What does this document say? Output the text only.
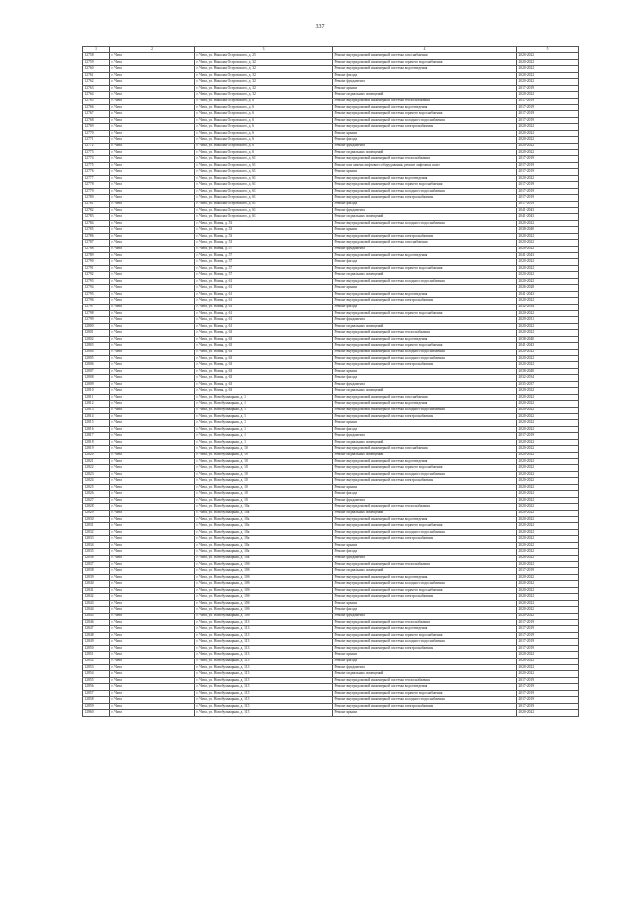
337
1	2	3	4	5
12758	г. Чита	г. Чита, ул. Николая Островского, д. 25	Ремонт внутридомовой инженерной системы газоснабжения	2020-2022
12759	г. Чита	г. Чита, ул. Николая Островского, д. 32	Ремонт внутридомовой инженерной системы горячего водоснабжения	2020-2022
12760	г. Чита	г. Чита, ул. Николая Островского, д. 32	Ремонт внутридомовой инженерной системы водоотведения	2020-2022
12761	г. Чита	г. Чита, ул. Николая Островского, д. 32	Ремонт фасада	2020-2022
12762	г. Чита	г. Чита, ул. Николая Островского, д. 32	Ремонт фундамента	2020-2022
12763	г. Чита	г. Чита, ул. Николая Островского, д. 32	Ремонт крыши	2017-2019
12764	г. Чита	г. Чита, ул. Николая Островского, д. 32	Ремонт подвальных помещений	2020-2022
12765	г. Чита	г. Чита, ул. Николая Островского, д. 6	Ремонт внутридомовой инженерной системы теплоснабжения	2017-2019
12766	г. Чита	г. Чита, ул. Николая Островского, д. 6	Ремонт внутридомовой инженерной системы водоотведения	2017-2019
12767	г. Чита	г. Чита, ул. Николая Островского, д. 6	Ремонт внутридомовой инженерной системы горячего водоснабжения	2017-2019
12768	г. Чита	г. Чита, ул. Николая Островского, д. 6	Ремонт внутридомовой инженерной системы холодного водоснабжения	2017-2019
12769	г. Чита	г. Чита, ул. Николая Островского, д. 6	Ремонт внутридомовой инженерной системы электроснабжения	2020-2022
12770	г. Чита	г. Чита, ул. Николая Островского, д. 6	Ремонт крыши	2020-2022
12771	г. Чита	г. Чита, ул. Николая Островского, д. 6	Ремонт фасада	2020-2022
12772	г. Чита	г. Чита, ул. Николая Островского, д. 6	Ремонт фундамента	2020-2022
12773	г. Чита	г. Чита, ул. Николая Островского, д. 6	Ремонт подвальных помещений	2020-2022
12774	г. Чита	г. Чита, ул. Николая Островского, д. 61	Ремонт внутридомовой инженерной системы теплоснабжения	2017-2019
12775	г. Чита	г. Чита, ул. Николая Островского, д. 61	Ремонт или замена лифтового оборудования, ремонт лифтовых шахт	2017-2019
12776	г. Чита	г. Чита, ул. Николая Островского, д. 61	Ремонт крыши	2017-2019
12777	г. Чита	г. Чита, ул. Николая Островского, д. 61	Ремонт внутридомовой инженерной системы водоотведения	2020-2022
12778	г. Чита	г. Чита, ул. Николая Островского, д. 61	Ремонт внутридомовой инженерной системы горячего водоснабжения	2017-2019
12779	г. Чита	г. Чита, ул. Николая Островского, д. 61	Ремонт внутридомовой инженерной системы холодного водоснабжения	2017-2019
12780	г. Чита	г. Чита, ул. Николая Островского, д. 61	Ремонт внутридомовой инженерной системы электроснабжения	2017-2019
12781	г. Чита	г. Чита, ул. Николая Островского, д. 61	Ремонт фасада	2017-2019
12782	г. Чита	г. Чита, ул. Николая Островского, д. 61	Ремонт фундамента	2041-2043
12783	г. Чита	г. Чита, ул. Николая Островского, д. 61	Ремонт подвальных помещений	2041-2043
12784	г. Чита	г. Чита, ул. Новая, д. 53	Ремонт внутридомовой инженерной системы холодного водоснабжения	2020-2022
12785	г. Чита	г. Чита, ул. Новая, д. 53	Ремонт крыши	2038-2040
12786	г. Чита	г. Чита, ул. Новая, д. 53	Ремонт внутридомовой инженерной системы электроснабжения	2020-2022
12787	г. Чита	г. Чита, ул. Новая, д. 53	Ремонт внутридомовой инженерной системы газоснабжения	2020-2022
12788	г. Чита	г. Чита, ул. Новая, д. 57	Ремонт фундамента	2020-2022
12789	г. Чита	г. Чита, ул. Новая, д. 57	Ремонт внутридомовой инженерной системы водоотведения	2041-2043
12790	г. Чита	г. Чита, ул. Новая, д. 57	Ремонт фасада	2020-2022
12791	г. Чита	г. Чита, ул. Новая, д. 57	Ремонт внутридомовой инженерной системы горячего водоснабжения	2020-2022
12792	г. Чита	г. Чита, ул. Новая, д. 57	Ремонт подвальных помещений	2020-2022
12793	г. Чита	г. Чита, ул. Новая, д. 61	Ремонт внутридомовой инженерной системы холодного водоснабжения	2020-2022
12794	г. Чита	г. Чита, ул. Новая, д. 61	Ремонт крыши	2026-2028
12795	г. Чита	г. Чита, ул. Новая, д. 61	Ремонт внутридомовой инженерной системы водоотведения	2041-2043
12796	г. Чита	г. Чита, ул. Новая, д. 61	Ремонт внутридомовой инженерной системы электроснабжения	2020-2022
12797	г. Чита	г. Чита, ул. Новая, д. 61	Ремонт фасада	2032-2034
12798	г. Чита	г. Чита, ул. Новая, д. 61	Ремонт внутридомовой инженерной системы горячего водоснабжения	2020-2022
12799	г. Чита	г. Чита, ул. Новая, д. 61	Ремонт фундамента	2029-2031
12800	г. Чита	г. Чита, ул. Новая, д. 61	Ремонт подвальных помещений	2020-2022
12801	г. Чита	г. Чита, ул. Новая, д. 63	Ремонт внутридомовой инженерной системы теплоснабжения	2020-2022
12802	г. Чита	г. Чита, ул. Новая, д. 63	Ремонт внутридомовой инженерной системы водоотведения	2038-2040
12803	г. Чита	г. Чита, ул. Новая, д. 63	Ремонт внутридомовой инженерной системы горячего водоснабжения	2041-2043
12804	г. Чита	г. Чита, ул. Новая, д. 63	Ремонт внутридомовой инженерной системы холодного водоснабжения	2020-2022
12805	г. Чита	г. Чита, ул. Новая, д. 63	Ремонт внутридомовой инженерной системы холодного водоснабжения	2020-2022
12806	г. Чита	г. Чита, ул. Новая, д. 63	Ремонт внутридомовой инженерной системы электроснабжения	2020-2022
12807	г. Чита	г. Чита, ул. Новая, д. 63	Ремонт крыши	2038-2040
12808	г. Чита	г. Чита, ул. Новая, д. 63	Ремонт фасада	2032-2034
12809	г. Чита	г. Чита, ул. Новая, д. 63	Ремонт фундамента	2035-2037
12810	г. Чита	г. Чита, ул. Новая, д. 63	Ремонт подвальных помещений	2020-2022
12811	г. Чита	г. Чита, ул. Новобульварная, д. 1	Ремонт внутридомовой инженерной системы газоснабжения	2020-2022
12812	г. Чита	г. Чита, ул. Новобульварная, д. 1	Ремонт внутридомовой инженерной системы водоотведения	2020-2022
12813	г. Чита	г. Чита, ул. Новобульварная, д. 1	Ремонт внутридомовой инженерной системы холодного водоснабжения	2020-2022
12814	г. Чита	г. Чита, ул. Новобульварная, д. 1	Ремонт внутридомовой инженерной системы электроснабжения	2020-2022
12815	г. Чита	г. Чита, ул. Новобульварная, д. 1	Ремонт крыши	2020-2022
12816	г. Чита	г. Чита, ул. Новобульварная, д. 1	Ремонт фасада	2020-2022
12817	г. Чита	г. Чита, ул. Новобульварная, д. 1	Ремонт фундамента	2017-2019
12818	г. Чита	г. Чита, ул. Новобульварная, д. 1	Ремонт подвальных помещений	2020-2022
12819	г. Чита	г. Чита, ул. Новобульварная, д. 10	Ремонт внутридомовой инженерной системы газоснабжения	2020-2022
12820	г. Чита	г. Чита, ул. Новобульварная, д. 10	Ремонт подвальных помещений	2020-2022
12821	г. Чита	г. Чита, ул. Новобульварная, д. 10	Ремонт внутридомовой инженерной системы водоотведения	2020-2022
12822	г. Чита	г. Чита, ул. Новобульварная, д. 10	Ремонт внутридомовой инженерной системы горячего водоснабжения	2020-2022
12823	г. Чита	г. Чита, ул. Новобульварная, д. 10	Ремонт внутридомовой инженерной системы холодного водоснабжения	2020-2022
12824	г. Чита	г. Чита, ул. Новобульварная, д. 10	Ремонт внутридомовой инженерной системы электроснабжения	2020-2022
12825	г. Чита	г. Чита, ул. Новобульварная, д. 10	Ремонт крыши	2020-2022
12826	г. Чита	г. Чита, ул. Новобульварная, д. 10	Ремонт фасада	2020-2022
12827	г. Чита	г. Чита, ул. Новобульварная, д. 10	Ремонт фундамента	2020-2022
12828	г. Чита	г. Чита, ул. Новобульварная, д. 10а	Ремонт внутридомовой инженерной системы теплоснабжения	2020-2022
12829	г. Чита	г. Чита, ул. Новобульварная, д. 10а	Ремонт подвальных помещений	2020-2022
12830	г. Чита	г. Чита, ул. Новобульварная, д. 10а	Ремонт внутридомовой инженерной системы водоотведения	2020-2022
12831	г. Чита	г. Чита, ул. Новобульварная, д. 10а	Ремонт внутридомовой инженерной системы горячего водоснабжения	2020-2022
12832	г. Чита	г. Чита, ул. Новобульварная, д. 10а	Ремонт внутридомовой инженерной системы холодного водоснабжения	2020-2022
12833	г. Чита	г. Чита, ул. Новобульварная, д. 10а	Ремонт внутридомовой инженерной системы электроснабжения	2020-2022
12834	г. Чита	г. Чита, ул. Новобульварная, д. 10а	Ремонт крыши	2020-2022
12835	г. Чита	г. Чита, ул. Новобульварная, д. 10а	Ремонт фасада	2020-2022
12836	г. Чита	г. Чита, ул. Новобульварная, д. 10а	Ремонт фундамента	2020-2022
12837	г. Чита	г. Чита, ул. Новобульварная, д. 10б	Ремонт внутридомовой инженерной системы теплоснабжения	2020-2022
12838	г. Чита	г. Чита, ул. Новобульварная, д. 10б	Ремонт подвальных помещений	2017-2019
12839	г. Чита	г. Чита, ул. Новобульварная, д. 10б	Ремонт внутридомовой инженерной системы водоотведения	2020-2022
12840	г. Чита	г. Чита, ул. Новобульварная, д. 10б	Ремонт внутридомовой инженерной системы холодного водоснабжения	2020-2022
12841	г. Чита	г. Чита, ул. Новобульварная, д. 10б	Ремонт внутридомовой инженерной системы горячего водоснабжения	2020-2022
12842	г. Чита	г. Чита, ул. Новобульварная, д. 10б	Ремонт внутридомовой инженерной системы электроснабжения	2020-2022
12843	г. Чита	г. Чита, ул. Новобульварная, д. 10б	Ремонт крыши	2020-2022
12844	г. Чита	г. Чита, ул. Новобульварная, д. 10б	Ремонт фасада	2020-2022
12845	г. Чита	г. Чита, ул. Новобульварная, д. 10б	Ремонт фундамента	2020-2022
12846	г. Чита	г. Чита, ул. Новобульварная, д. 113	Ремонт внутридомовой инженерной системы теплоснабжения	2017-2019
12847	г. Чита	г. Чита, ул. Новобульварная, д. 113	Ремонт внутридомовой инженерной системы водоотведения	2017-2019
12848	г. Чита	г. Чита, ул. Новобульварная, д. 113	Ремонт внутридомовой инженерной системы горячего водоснабжения	2017-2019
12849	г. Чита	г. Чита, ул. Новобульварная, д. 113	Ремонт внутридомовой инженерной системы холодного водоснабжения	2017-2019
12850	г. Чита	г. Чита, ул. Новобульварная, д. 113	Ремонт внутридомовой инженерной системы электроснабжения	2017-2019
12851	г. Чита	г. Чита, ул. Новобульварная, д. 113	Ремонт крыши	2020-2022
12852	г. Чита	г. Чита, ул. Новобульварная, д. 113	Ремонт фасада	2020-2022
12853	г. Чита	г. Чита, ул. Новобульварная, д. 113	Ремонт фундамента	2020-2022
12854	г. Чита	г. Чита, ул. Новобульварная, д. 113	Ремонт подвальных помещений	2020-2022
12855	г. Чита	г. Чита, ул. Новобульварная, д. 115	Ремонт внутридомовой инженерной системы теплоснабжения	2017-2019
12856	г. Чита	г. Чита, ул. Новобульварная, д. 115	Ремонт внутридомовой инженерной системы водоотведения	2017-2019
12857	г. Чита	г. Чита, ул. Новобульварная, д. 115	Ремонт внутридомовой инженерной системы горячего водоснабжения	2017-2019
12858	г. Чита	г. Чита, ул. Новобульварная, д. 115	Ремонт внутридомовой инженерной системы холодного водоснабжения	2017-2019
12859	г. Чита	г. Чита, ул. Новобульварная, д. 115	Ремонт внутридомовой инженерной системы электроснабжения	2017-2019
12860	г. Чита	г. Чита, ул. Новобульварная, д. 115	Ремонт крыши	2020-2022
